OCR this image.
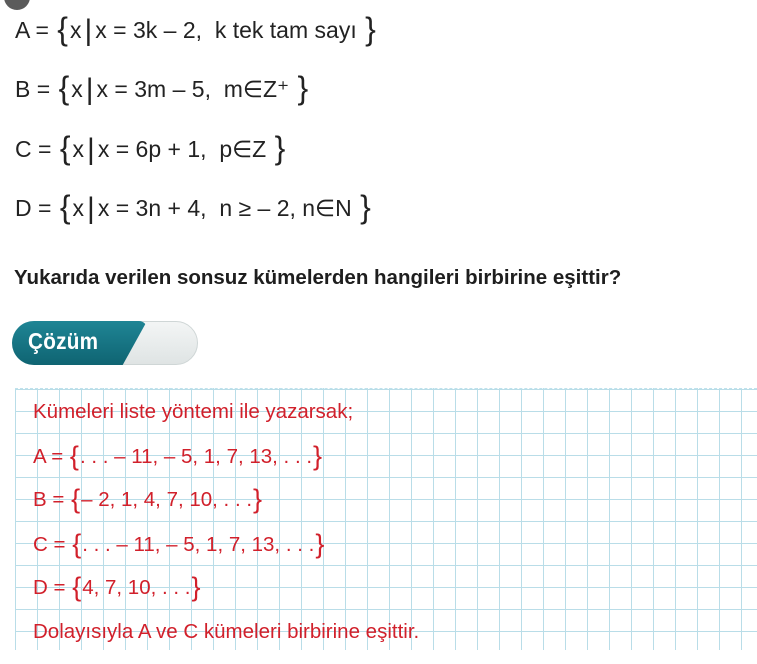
A = {x | x = 3k – 2, k tek tam sayı }
B = {x | x = 3m – 5, m∈Z⁺ }
C = {x | x = 6p + 1, p∈Z }
D = {x | x = 3n + 4, n ≥ – 2, n∈N }
Yukarıda verilen sonsuz kümelerden hangileri birbirine eşittir?
Çözüm
Kümeleri liste yöntemi ile yazarsak;
A = {. . . – 11, – 5, 1, 7, 13, . . .}
B = {– 2, 1, 4, 7, 10, . . .}
C = {. . . – 11, – 5, 1, 7, 13, . . .}
D = {4, 7, 10, . . .}
Dolayısıyla A ve C kümeleri birbirine eşittir.
